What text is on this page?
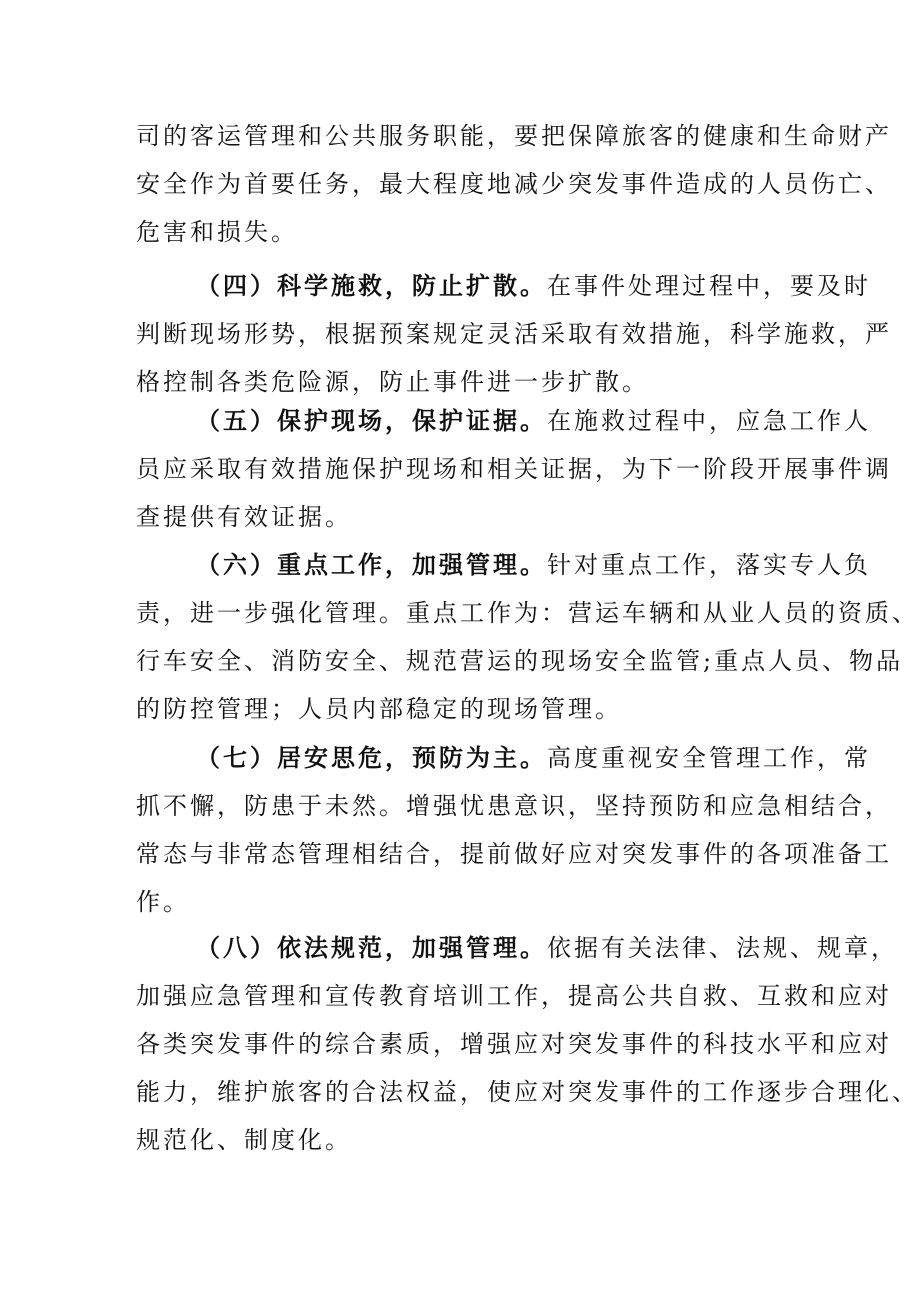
司的客运管理和公共服务职能，要把保障旅客的健康和生命财产
安全作为首要任务，最大程度地减少突发事件造成的人员伤亡、
危害和损失。
（四）科学施救，防止扩散。在事件处理过程中，要及时
判断现场形势，根据预案规定灵活采取有效措施，科学施救，严
格控制各类危险源，防止事件进一步扩散。
（五）保护现场，保护证据。在施救过程中，应急工作人
员应采取有效措施保护现场和相关证据，为下一阶段开展事件调
查提供有效证据。
（六）重点工作，加强管理。针对重点工作，落实专人负
责，进一步强化管理。重点工作为：营运车辆和从业人员的资质、
行车安全、消防安全、规范营运的现场安全监管;重点人员、物品
的防控管理；人员内部稳定的现场管理。
（七）居安思危，预防为主。高度重视安全管理工作，常
抓不懈，防患于未然。增强忧患意识，坚持预防和应急相结合，
常态与非常态管理相结合，提前做好应对突发事件的各项准备工
作。
（八）依法规范，加强管理。依据有关法律、法规、规章，
加强应急管理和宣传教育培训工作，提高公共自救、互救和应对
各类突发事件的综合素质，增强应对突发事件的科技水平和应对
能力，维护旅客的合法权益，使应对突发事件的工作逐步合理化、
规范化、制度化。
